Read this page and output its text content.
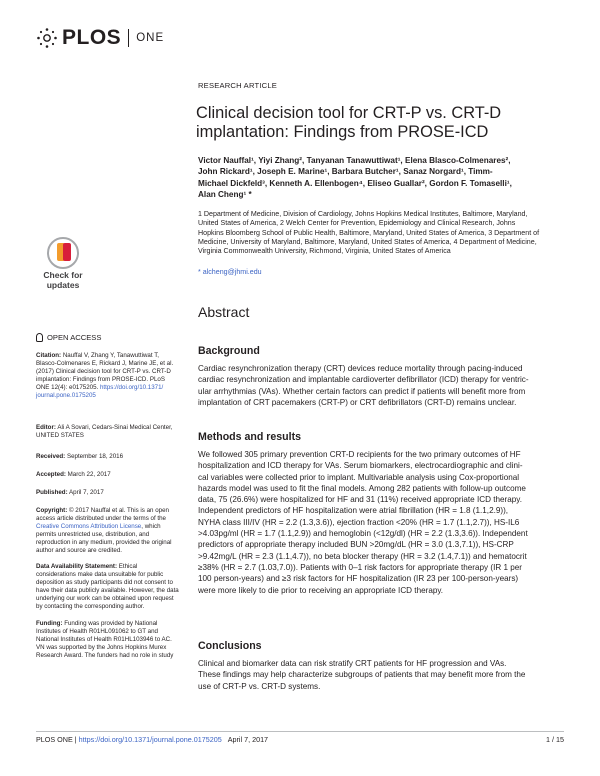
PLOS ONE
Check for
updates
OPEN ACCESS
Citation: Nauffal V, Zhang Y, Tanawuttiwat T,
Blasco-Colmenares E, Rickard J, Marine JE, et al.
(2017) Clinical decision tool for CRT-P vs. CRT-D
implantation: Findings from PROSE-ICD. PLoS
ONE 12(4): e0175205. https://doi.org/10.1371/
journal.pone.0175205
Editor: Ali A Sovari, Cedars-Sinai Medical Center,
UNITED STATES
Received: September 18, 2016
Accepted: March 22, 2017
Published: April 7, 2017
Copyright: © 2017 Nauffal et al. This is an open
access article distributed under the terms of the
Creative Commons Attribution License, which
permits unrestricted use, distribution, and
reproduction in any medium, provided the original
author and source are credited.
Data Availability Statement: Ethical
considerations make data unsuitable for public
deposition as study participants did not consent to
have their data publicly available. However, the data
underlying our work can be obtained upon request
by contacting the corresponding author.
Funding: Funding was provided by National
Institutes of Health R01HL091062 to GT and
National Institutes of Health R01HL103946 to AC.
VN was supported by the Johns Hopkins Murex
Research Award. The funders had no role in study
RESEARCH ARTICLE
Clinical decision tool for CRT-P vs. CRT-D
implantation: Findings from PROSE-ICD
Victor Nauffal¹, Yiyi Zhang², Tanyanan Tanawuttiwat¹, Elena Blasco-Colmenares²,
John Rickard¹, Joseph E. Marine¹, Barbara Butcher¹, Sanaz Norgard¹, Timm-
Michael Dickfeld³, Kenneth A. Ellenbogen⁴, Eliseo Guallar², Gordon F. Tomaselli¹,
Alan Cheng¹ *
1 Department of Medicine, Division of Cardiology, Johns Hopkins Medical Institutes, Baltimore, Maryland,
United States of America, 2 Welch Center for Prevention, Epidemiology and Clinical Research, Johns
Hopkins Bloomberg School of Public Health, Baltimore, Maryland, United States of America, 3 Department of
Medicine, University of Maryland, Baltimore, Maryland, United States of America, 4 Department of Medicine,
Virginia Commonwealth University, Richmond, Virginia, United States of America
* alcheng@jhmi.edu
Abstract
Background
Cardiac resynchronization therapy (CRT) devices reduce mortality through pacing-induced
cardiac resynchronization and implantable cardioverter defibrillator (ICD) therapy for ventric-
ular arrhythmias (VAs). Whether certain factors can predict if patients will benefit more from
implantation of CRT pacemakers (CRT-P) or CRT defibrillators (CRT-D) remains unclear.
Methods and results
We followed 305 primary prevention CRT-D recipients for the two primary outcomes of HF
hospitalization and ICD therapy for VAs. Serum biomarkers, electrocardiographic and clini-
cal variables were collected prior to implant. Multivariable analysis using Cox-proportional
hazards model was used to fit the final models. Among 282 patients with follow-up outcome
data, 75 (26.6%) were hospitalized for HF and 31 (11%) received appropriate ICD therapy.
Independent predictors of HF hospitalization were atrial fibrillation (HR = 1.8 (1.1,2.9)),
NYHA class III/IV (HR = 2.2 (1.3,3.6)), ejection fraction <20% (HR = 1.7 (1.1,2.7)), HS-IL6
>4.03pg/ml (HR = 1.7 (1.1,2.9)) and hemoglobin (<12g/dl) (HR = 2.2 (1.3,3.6)). Independent
predictors of appropriate therapy included BUN >20mg/dL (HR = 3.0 (1.3,7.1)), HS-CRP
>9.42mg/L (HR = 2.3 (1.1,4.7)), no beta blocker therapy (HR = 3.2 (1.4,7.1)) and hematocrit
≥38% (HR = 2.7 (1.03,7.0)). Patients with 0–1 risk factors for appropriate therapy (IR 1 per
100 person-years) and ≥3 risk factors for HF hospitalization (IR 23 per 100-person-years)
were more likely to die prior to receiving an appropriate ICD therapy.
Conclusions
Clinical and biomarker data can risk stratify CRT patients for HF progression and VAs.
These findings may help characterize subgroups of patients that may benefit more from the
use of CRT-P vs. CRT-D systems.
PLOS ONE | https://doi.org/10.1371/journal.pone.0175205 April 7, 2017	1 / 15
